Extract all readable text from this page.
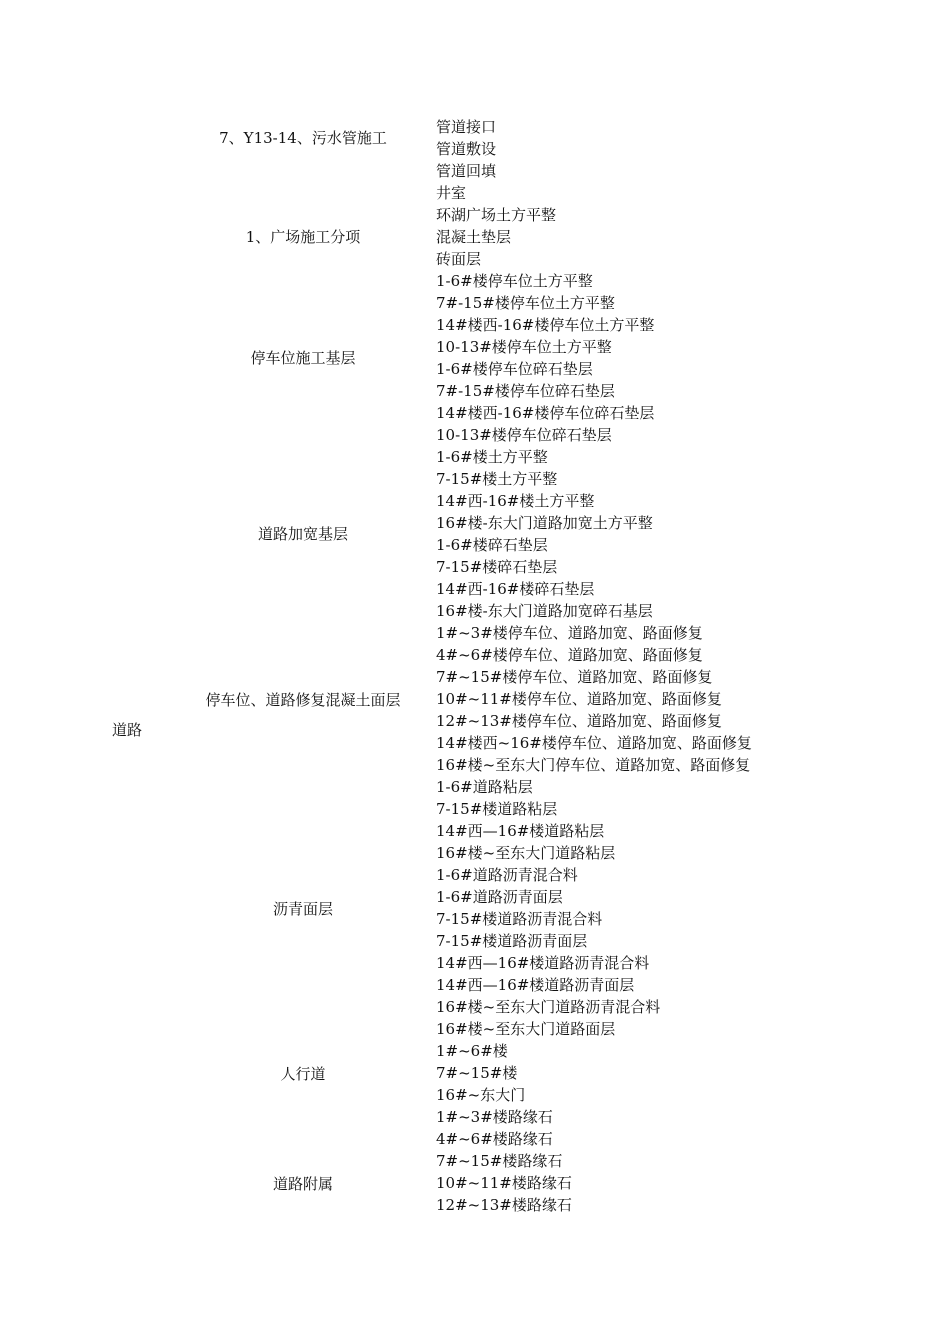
道路
7、Y13-14、污水管施工
1、广场施工分项
停车位施工基层
道路加宽基层
停车位、道路修复混凝土面层
沥青面层
人行道
道路附属
管道接口
管道敷设
管道回填
井室
环湖广场土方平整
混凝土垫层
砖面层
1-6#楼停车位土方平整
7#-15#楼停车位土方平整
14#楼西-16#楼停车位土方平整
10-13#楼停车位土方平整
1-6#楼停车位碎石垫层
7#-15#楼停车位碎石垫层
14#楼西-16#楼停车位碎石垫层
10-13#楼停车位碎石垫层
1-6#楼土方平整
7-15#楼土方平整
14#西-16#楼土方平整
16#楼-东大门道路加宽土方平整
1-6#楼碎石垫层
7-15#楼碎石垫层
14#西-16#楼碎石垫层
16#楼-东大门道路加宽碎石基层
1#~3#楼停车位、道路加宽、路面修复
4#~6#楼停车位、道路加宽、路面修复
7#~15#楼停车位、道路加宽、路面修复
10#~11#楼停车位、道路加宽、路面修复
12#~13#楼停车位、道路加宽、路面修复
14#楼西~16#楼停车位、道路加宽、路面修复
16#楼~至东大门停车位、道路加宽、路面修复
1-6#道路粘层
7-15#楼道路粘层
14#西—16#楼道路粘层
16#楼~至东大门道路粘层
1-6#道路沥青混合料
1-6#道路沥青面层
7-15#楼道路沥青混合料
7-15#楼道路沥青面层
14#西—16#楼道路沥青混合料
14#西—16#楼道路沥青面层
16#楼~至东大门道路沥青混合料
16#楼~至东大门道路面层
1#~6#楼
7#~15#楼
16#~东大门
1#~3#楼路缘石
4#~6#楼路缘石
7#~15#楼路缘石
10#~11#楼路缘石
12#~13#楼路缘石
